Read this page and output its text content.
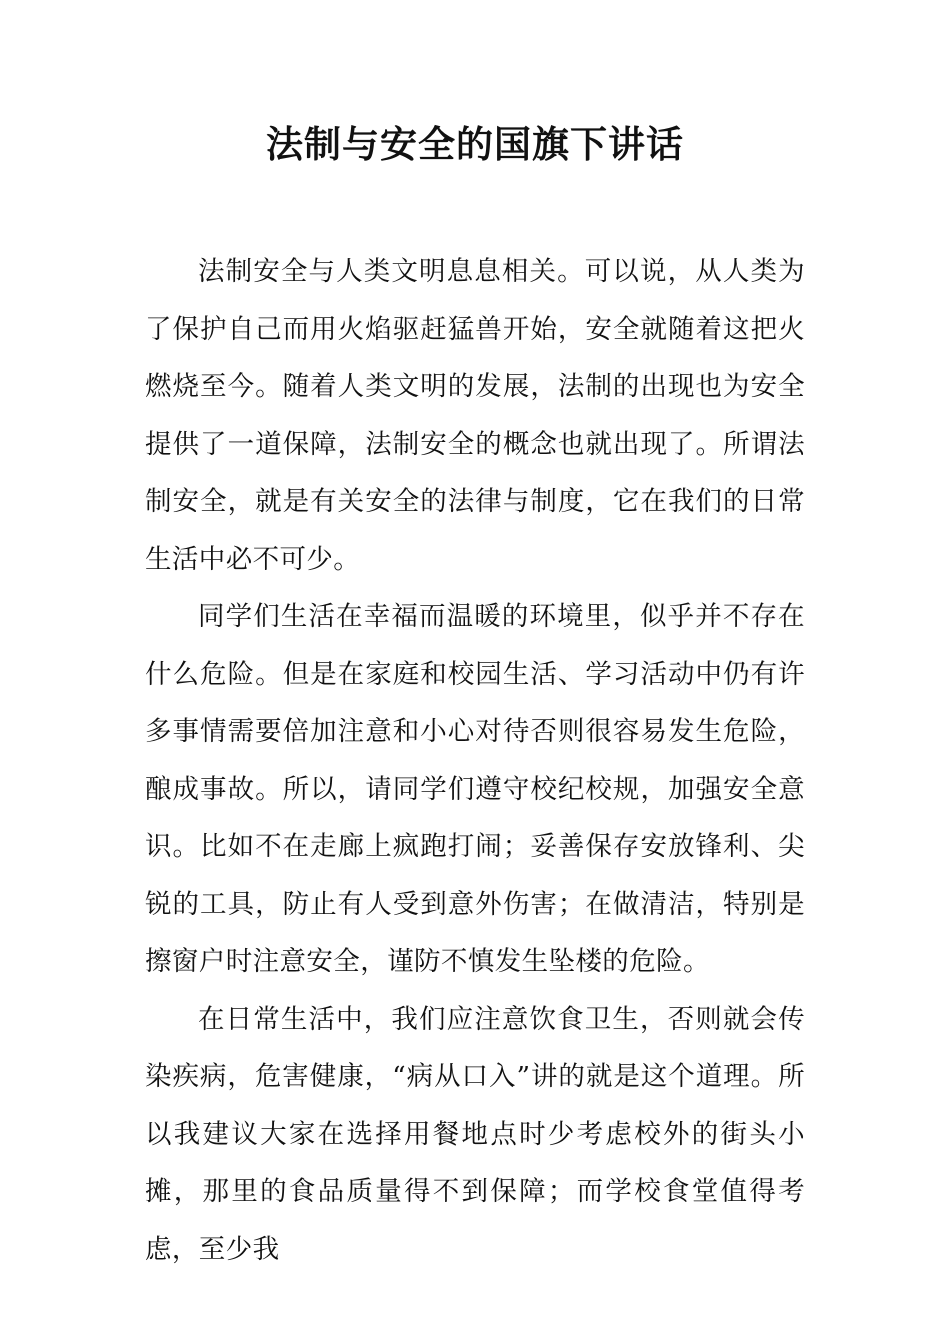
法制与安全的国旗下讲话

法制安全与人类文明息息相关。可以说，从人类为了保护自己而用火焰驱赶猛兽开始，安全就随着这把火燃烧至今。随着人类文明的发展，法制的出现也为安全提供了一道保障，法制安全的概念也就出现了。所谓法制安全，就是有关安全的法律与制度，它在我们的日常生活中必不可少。

同学们生活在幸福而温暖的环境里，似乎并不存在什么危险。但是在家庭和校园生活、学习活动中仍有许多事情需要倍加注意和小心对待否则很容易发生危险，酿成事故。所以，请同学们遵守校纪校规，加强安全意识。比如不在走廊上疯跑打闹；妥善保存安放锋利、尖锐的工具，防止有人受到意外伤害；在做清洁，特别是擦窗户时注意安全，谨防不慎发生坠楼的危险。

在日常生活中，我们应注意饮食卫生，否则就会传染疾病，危害健康，“病从口入”讲的就是这个道理。所以我建议大家在选择用餐地点时少考虑校外的街头小摊，那里的食品质量得不到保障；而学校食堂值得考虑，至少我
